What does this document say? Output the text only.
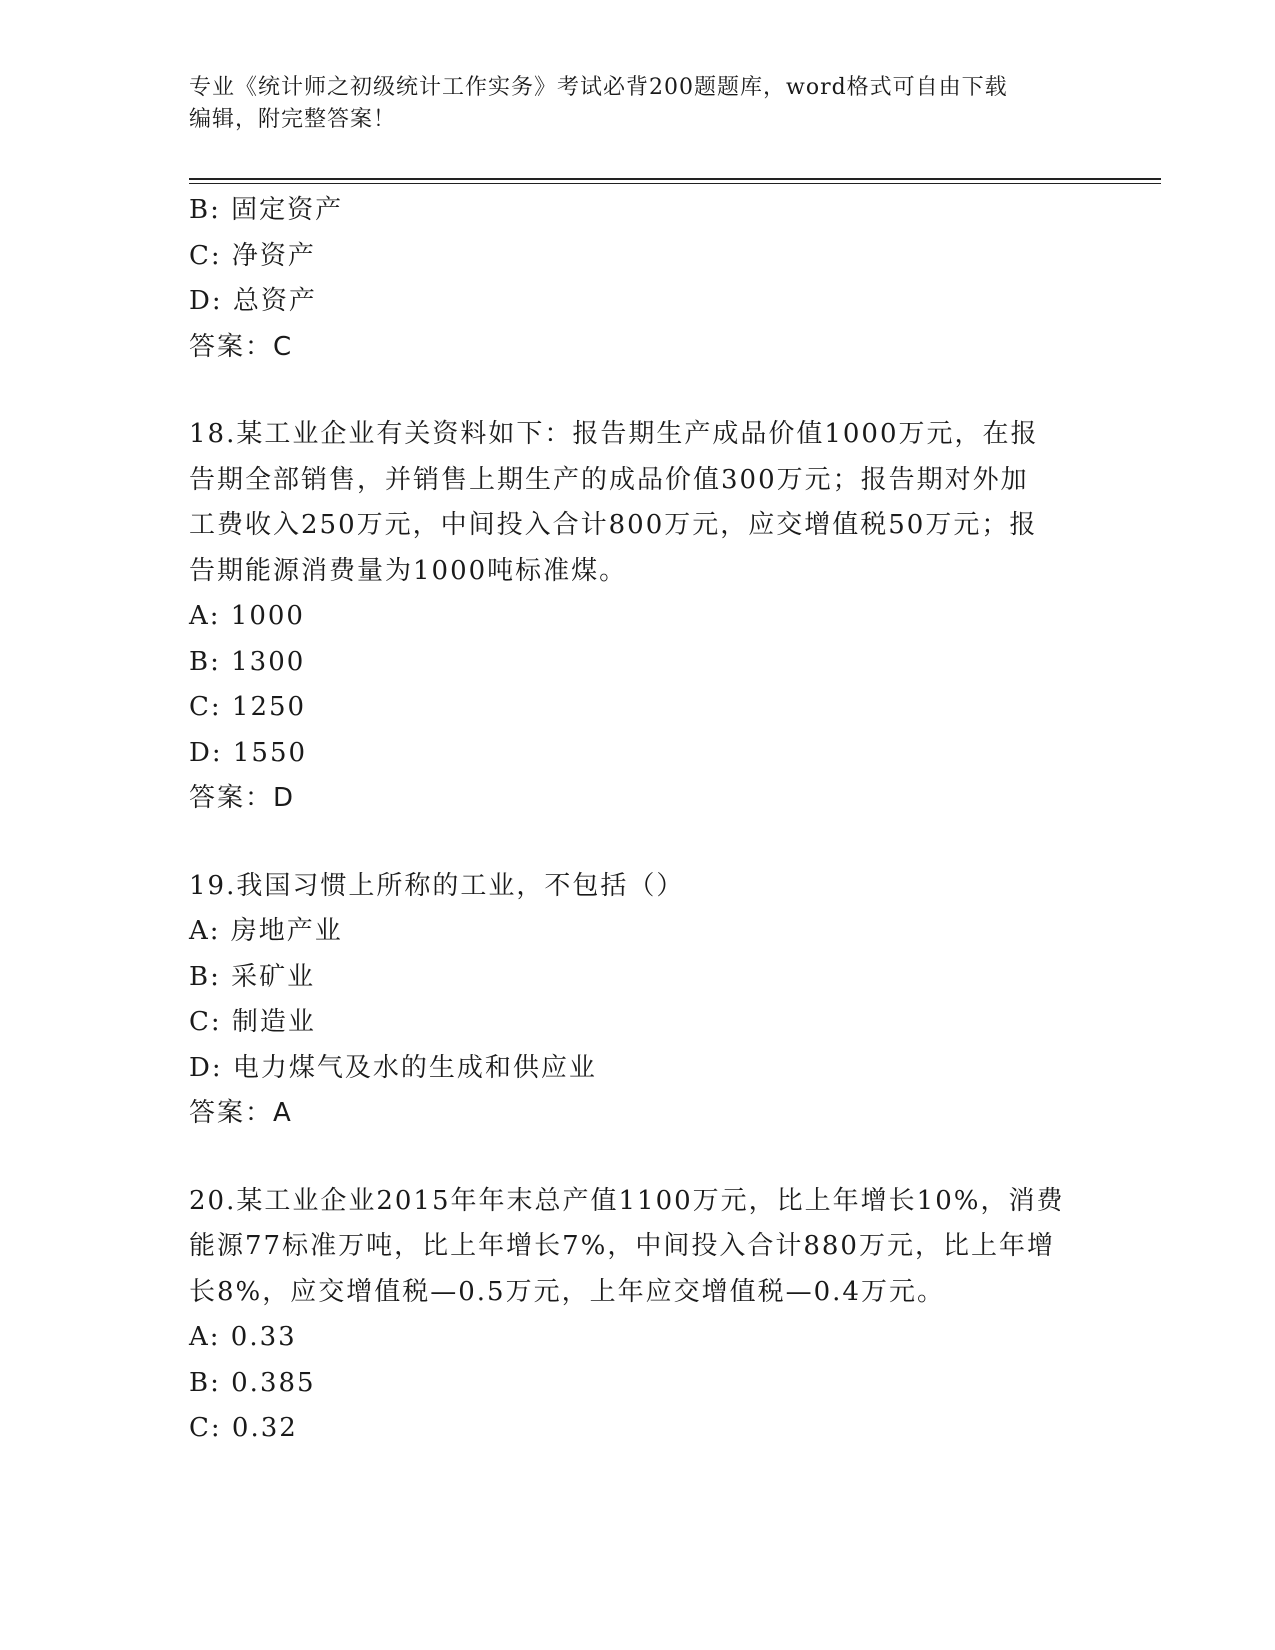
专业《统计师之初级统计工作实务》考试必背200题题库，word格式可自由下载
编辑，附完整答案！
B: 固定资产
C: 净资产
D: 总资产
答案：C
18.某工业企业有关资料如下：报告期生产成品价值1000万元，在报
告期全部销售，并销售上期生产的成品价值300万元；报告期对外加
工费收入250万元，中间投入合计800万元，应交增值税50万元；报
告期能源消费量为1000吨标准煤。
A: 1000
B: 1300
C: 1250
D: 1550
答案：D
19.我国习惯上所称的工业，不包括（）
A: 房地产业
B: 采矿业
C: 制造业
D: 电力煤气及水的生成和供应业
答案：A
20.某工业企业2015年年末总产值1100万元，比上年增长10%，消费
能源77标准万吨，比上年增长7%，中间投入合计880万元，比上年增
长8%，应交增值税—0.5万元，上年应交增值税—0.4万元。
A: 0.33
B: 0.385
C: 0.32
